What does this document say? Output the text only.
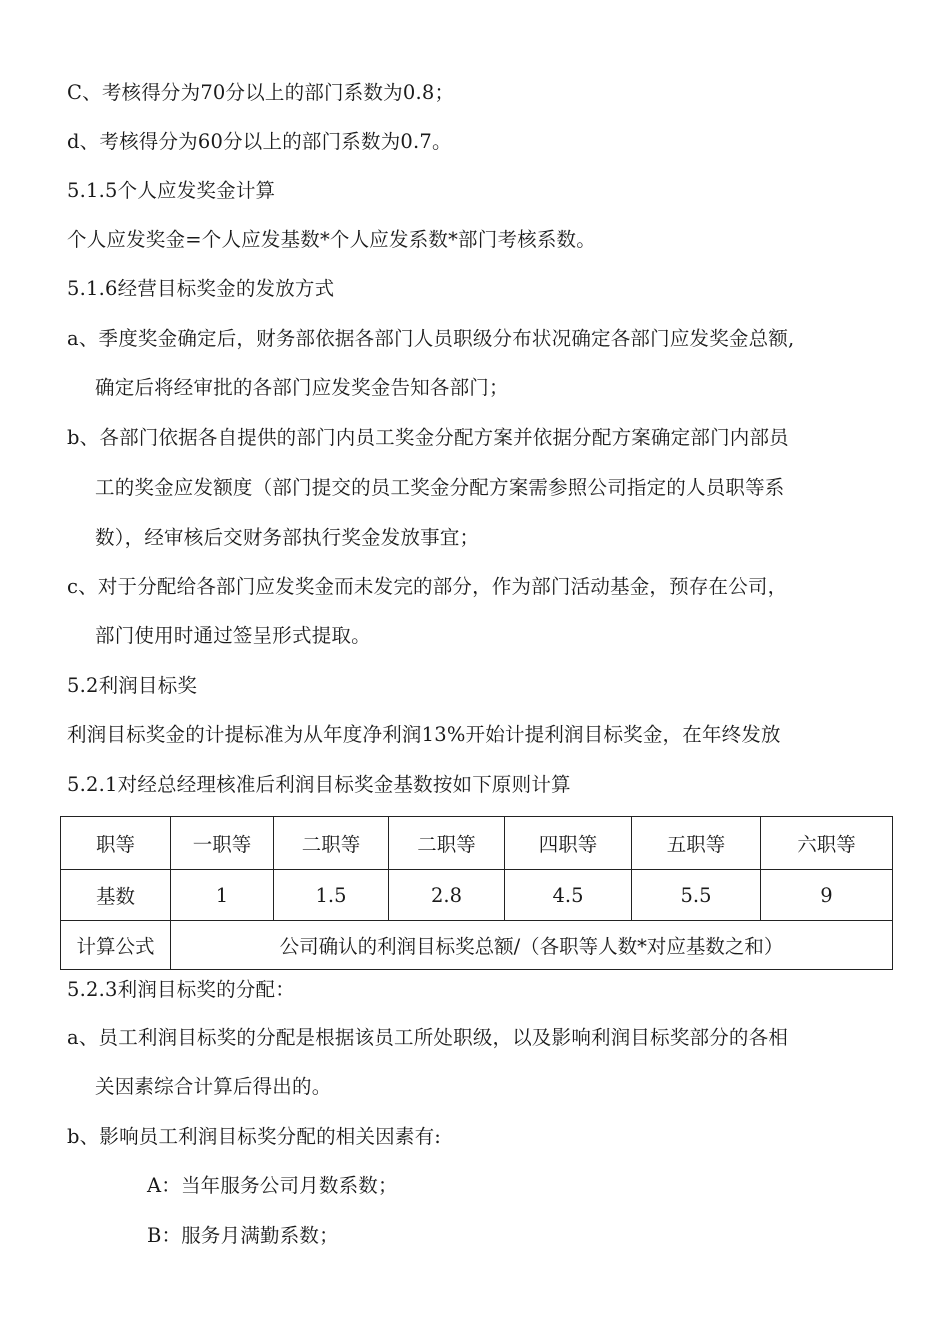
C、考核得分为70分以上的部门系数为0.8；
d、考核得分为60分以上的部门系数为0.7。
5.1.5个人应发奖金计算
个人应发奖金=个人应发基数*个人应发系数*部门考核系数。
5.1.6经营目标奖金的发放方式
a、季度奖金确定后，财务部依据各部门人员职级分布状况确定各部门应发奖金总额,
确定后将经审批的各部门应发奖金告知各部门；
b、各部门依据各自提供的部门内员工奖金分配方案并依据分配方案确定部门内部员
工的奖金应发额度（部门提交的员工奖金分配方案需参照公司指定的人员职等系
数），经审核后交财务部执行奖金发放事宜；
c、对于分配给各部门应发奖金而未发完的部分，作为部门活动基金，预存在公司，
部门使用时通过签呈形式提取。
5.2利润目标奖
利润目标奖金的计提标准为从年度净利润13%开始计提利润目标奖金，在年终发放
5.2.1对经总经理核准后利润目标奖金基数按如下原则计算
职等	一职等	二职等	二职等	四职等	五职等	六职等
基数	1	1.5	2.8	4.5	5.5	9
计算公式	公司确认的利润目标奖总额/（各职等人数*对应基数之和）					
5.2.3利润目标奖的分配：
a、员工利润目标奖的分配是根据该员工所处职级，以及影响利润目标奖部分的各相
关因素综合计算后得出的。
b、影响员工利润目标奖分配的相关因素有:
A：当年服务公司月数系数；
B：服务月满勤系数；
